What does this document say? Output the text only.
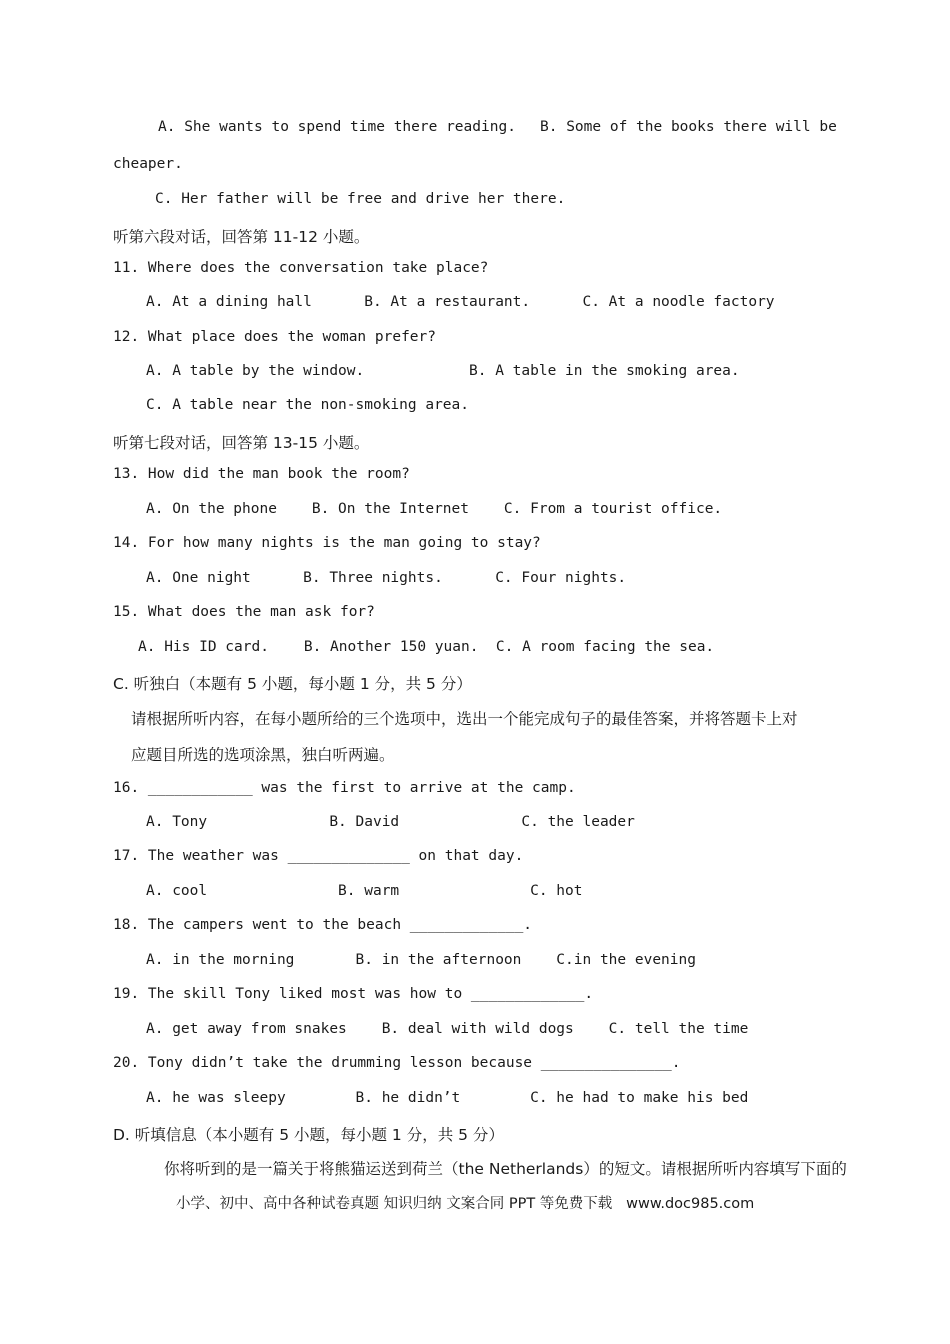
A. She wants to spend time there reading. B. Some of the books there will be
cheaper.
C. Her father will be free and drive her there.
听第六段对话，回答第 11-12 小题。
11. Where does the conversation take place?
A. At a dining hall      B. At a restaurant.      C. At a noodle factory
12. What place does the woman prefer?
A. A table by the window.            B. A table in the smoking area.
C. A table near the non-smoking area.
听第七段对话，回答第 13-15 小题。
13. How did the man book the room?
A. On the phone    B. On the Internet    C. From a tourist office.
14. For how many nights is the man going to stay?
A. One night      B. Three nights.      C. Four nights.
15. What does the man ask for?
A. His ID card.    B. Another 150 yuan.  C. A room facing the sea.
C. 听独白（本题有 5 小题，每小题 1 分，共 5 分）
请根据所听内容，在每小题所给的三个选项中，选出一个能完成句子的最佳答案，并将答题卡上对
应题目所选的选项涂黑，独白听两遍。
16. ____________ was the first to arrive at the camp.
A. Tony              B. David              C. the leader
17. The weather was ______________ on that day.
A. cool               B. warm               C. hot
18. The campers went to the beach _____________.
A. in the morning       B. in the afternoon    C.in the evening
19. The skill Tony liked most was how to _____________.
A. get away from snakes    B. deal with wild dogs    C. tell the time
20. Tony didn’t take the drumming lesson because _______________.
A. he was sleepy        B. he didn’t        C. he had to make his bed
D. 听填信息（本小题有 5 小题，每小题 1 分，共 5 分）
你将听到的是一篇关于将熊猫运送到荷兰（the Netherlands）的短文。请根据所听内容填写下面的
小学、初中、高中各种试卷真题 知识归纳 文案合同 PPT 等免费下载   www.doc985.com
